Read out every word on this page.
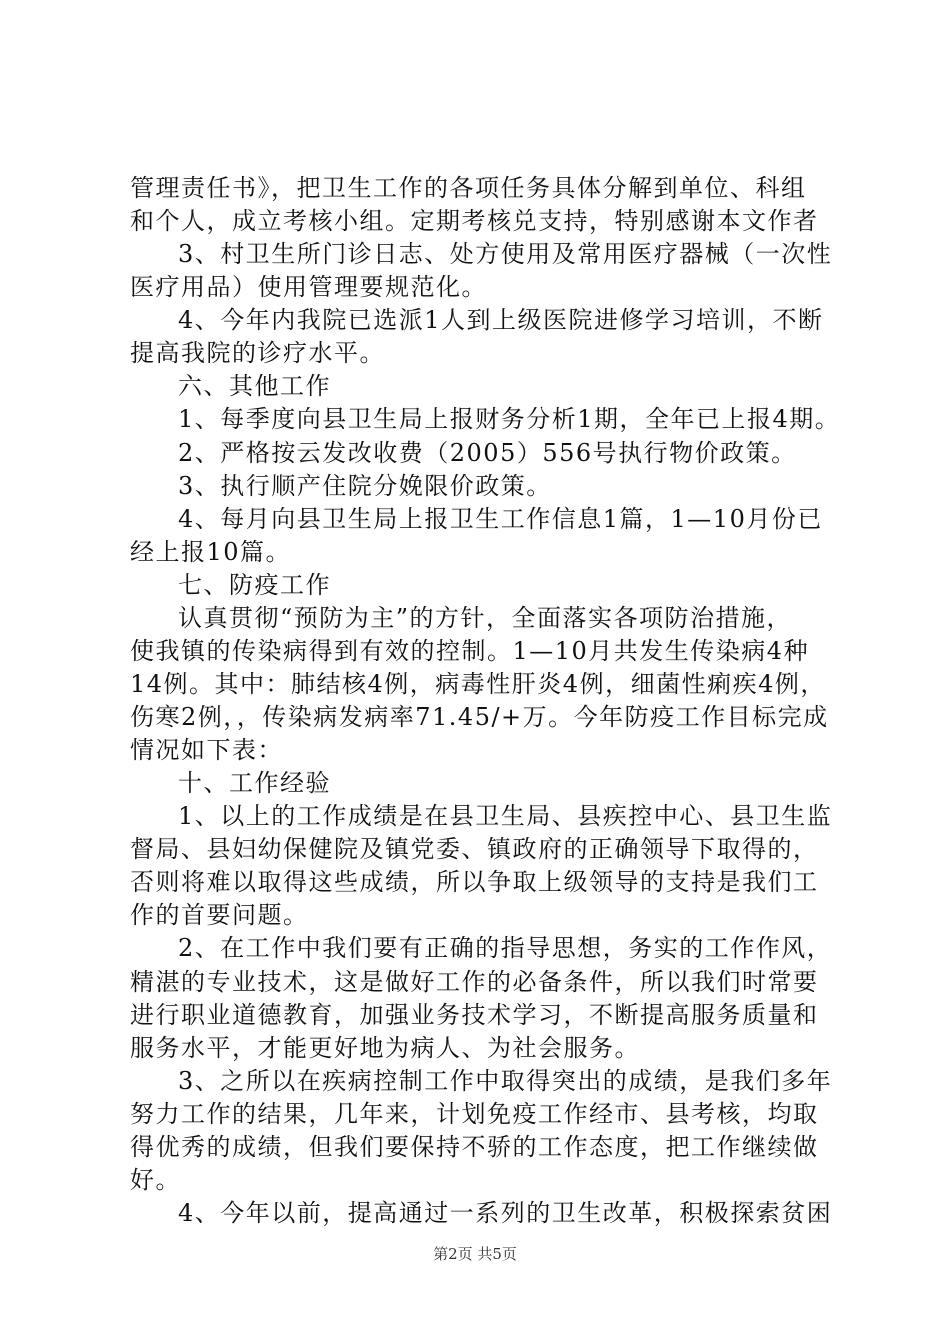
管理责任书》，把卫生工作的各项任务具体分解到单位、科组
和个人，成立考核小组。定期考核兑支持，特别感谢本文作者
3、村卫生所门诊日志、处方使用及常用医疗器械（一次性
医疗用品）使用管理要规范化。
4、今年内我院已选派1人到上级医院进修学习培训，不断
提高我院的诊疗水平。
六、其他工作
1、每季度向县卫生局上报财务分析1期，全年已上报4期。
2、严格按云发改收费（2005）556号执行物价政策。
3、执行顺产住院分娩限价政策。
4、每月向县卫生局上报卫生工作信息1篇，1—10月份已
经上报10篇。
七、防疫工作
认真贯彻“预防为主”的方针，全面落实各项防治措施，
使我镇的传染病得到有效的控制。1—10月共发生传染病4种
14例。其中：肺结核4例，病毒性肝炎4例，细菌性痢疾4例，
伤寒2例，，传染病发病率71.45/+万。今年防疫工作目标完成
情况如下表：
十、工作经验
1、以上的工作成绩是在县卫生局、县疾控中心、县卫生监
督局、县妇幼保健院及镇党委、镇政府的正确领导下取得的，
否则将难以取得这些成绩，所以争取上级领导的支持是我们工
作的首要问题。
2、在工作中我们要有正确的指导思想，务实的工作作风，
精湛的专业技术，这是做好工作的必备条件，所以我们时常要
进行职业道德教育，加强业务技术学习，不断提高服务质量和
服务水平，才能更好地为病人、为社会服务。
3、之所以在疾病控制工作中取得突出的成绩，是我们多年
努力工作的结果，几年来，计划免疫工作经市、县考核，均取
得优秀的成绩，但我们要保持不骄的工作态度，把工作继续做
好。
4、今年以前，提高通过一系列的卫生改革，积极探索贫困
第2页 共5页
